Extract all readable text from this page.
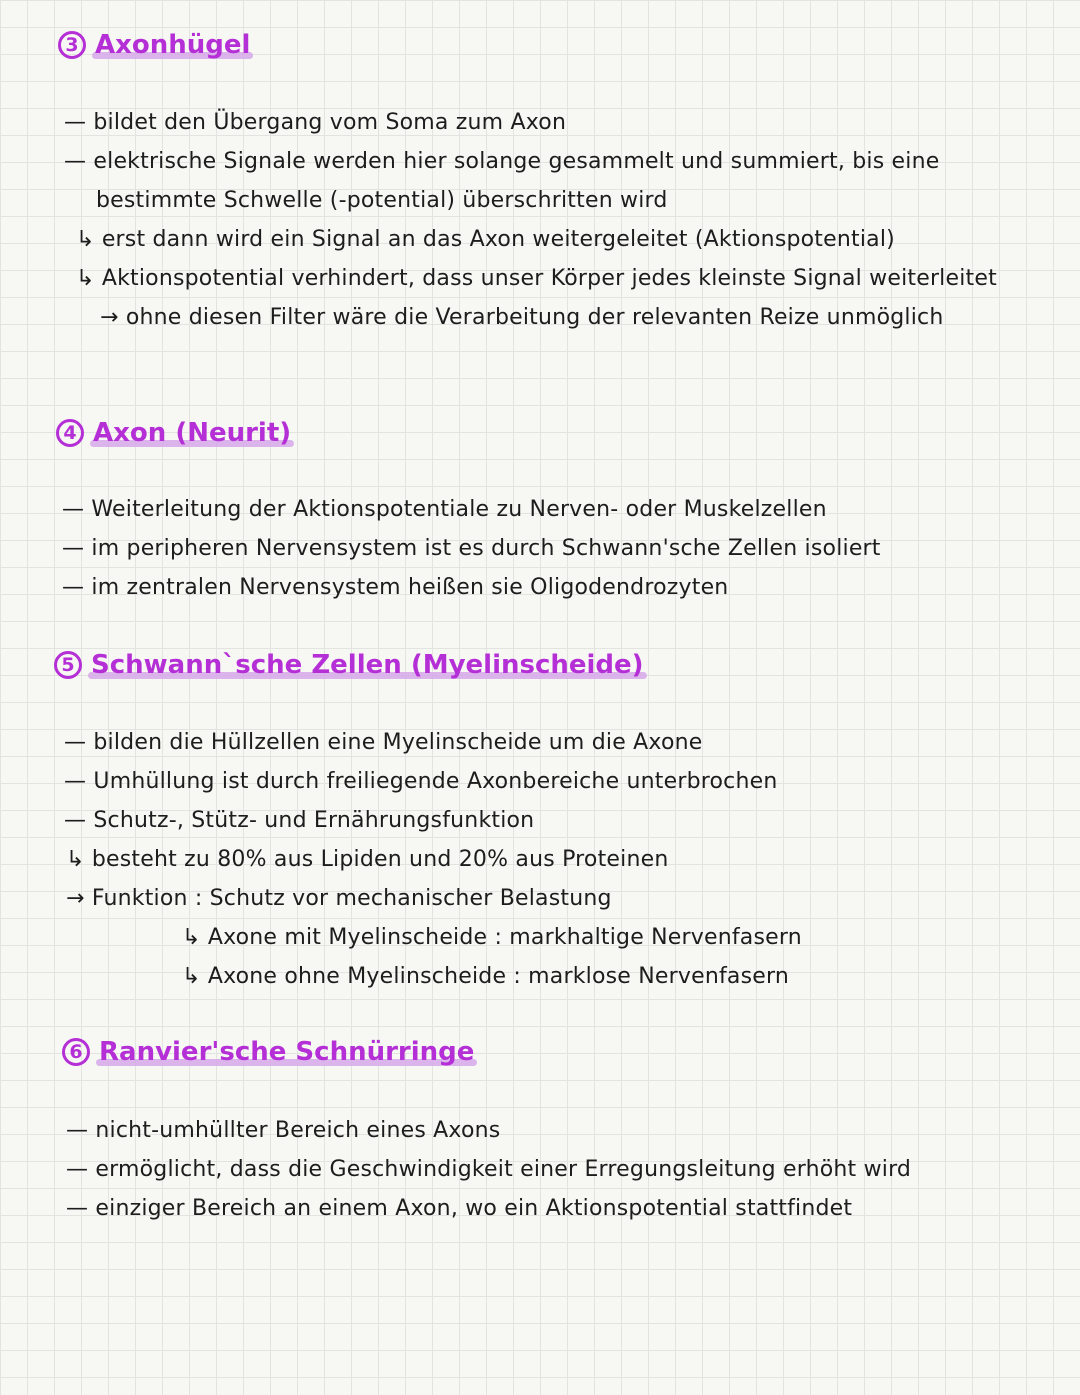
3 Axonhügel
— bildet den Übergang vom Soma zum Axon
— elektrische Signale werden hier solange gesammelt und summiert, bis eine
bestimmte Schwelle (-potential) überschritten wird
↳ erst dann wird ein Signal an das Axon weitergeleitet (Aktionspotential)
↳ Aktionspotential verhindert, dass unser Körper jedes kleinste Signal weiterleitet
→ ohne diesen Filter wäre die Verarbeitung der relevanten Reize unmöglich
4 Axon (Neurit)
— Weiterleitung der Aktionspotentiale zu Nerven- oder Muskelzellen
— im peripheren Nervensystem ist es durch Schwann'sche Zellen isoliert
— im zentralen Nervensystem heißen sie Oligodendrozyten
5 Schwann`sche Zellen (Myelinscheide)
— bilden die Hüllzellen eine Myelinscheide um die Axone
— Umhüllung ist durch freiliegende Axonbereiche unterbrochen
— Schutz-, Stütz- und Ernährungsfunktion
↳ besteht zu 80% aus Lipiden und 20% aus Proteinen
→ Funktion : Schutz vor mechanischer Belastung
↳ Axone mit Myelinscheide : markhaltige Nervenfasern
↳ Axone ohne Myelinscheide : marklose Nervenfasern
6 Ranvier'sche Schnürringe
— nicht-umhüllter Bereich eines Axons
— ermöglicht, dass die Geschwindigkeit einer Erregungsleitung erhöht wird
— einziger Bereich an einem Axon, wo ein Aktionspotential stattfindet
